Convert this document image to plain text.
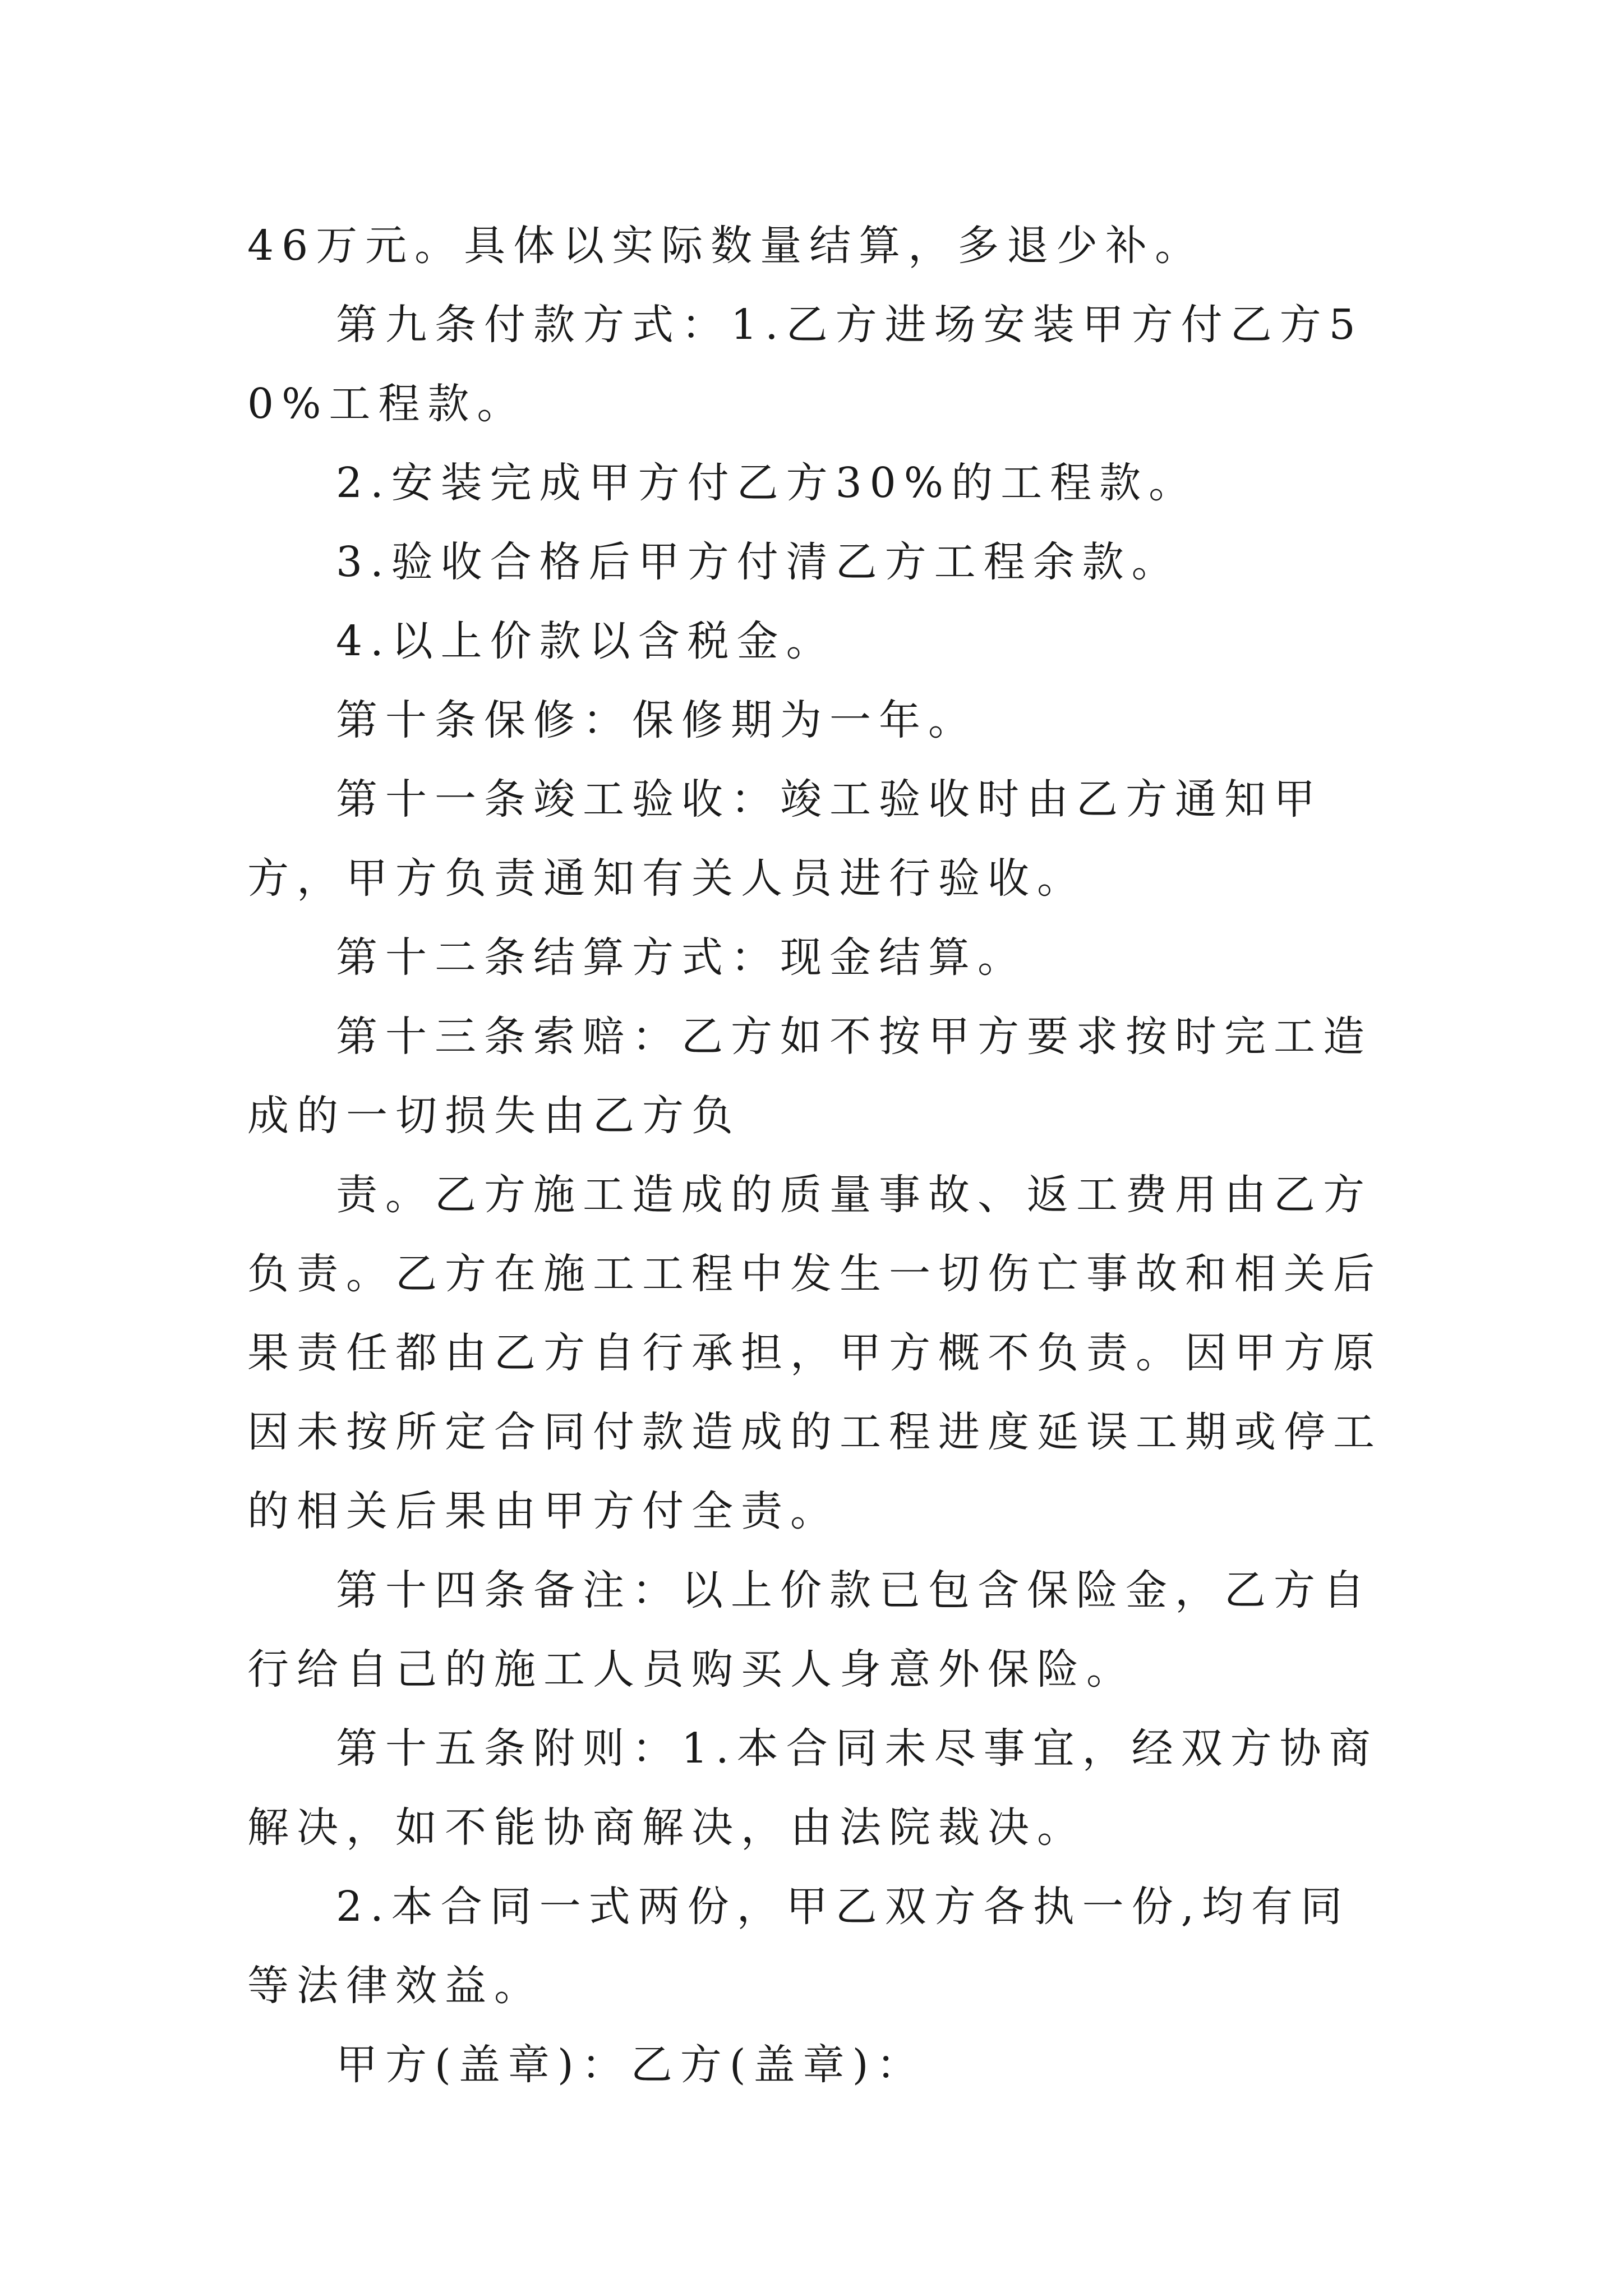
46万元。具体以实际数量结算，多退少补。

第九条付款方式：1.乙方进场安装甲方付乙方50%工程款。

2.安装完成甲方付乙方30%的工程款。

3.验收合格后甲方付清乙方工程余款。

4.以上价款以含税金。

第十条保修：保修期为一年。

第十一条竣工验收：竣工验收时由乙方通知甲方，甲方负责通知有关人员进行验收。

第十二条结算方式：现金结算。

第十三条索赔：乙方如不按甲方要求按时完工造成的一切损失由乙方负

责。乙方施工造成的质量事故、返工费用由乙方负责。乙方在施工工程中发生一切伤亡事故和相关后果责任都由乙方自行承担，甲方概不负责。因甲方原因未按所定合同付款造成的工程进度延误工期或停工的相关后果由甲方付全责。

第十四条备注：以上价款已包含保险金，乙方自行给自己的施工人员购买人身意外保险。

第十五条附则：1.本合同未尽事宜，经双方协商解决，如不能协商解决，由法院裁决。

2.本合同一式两份，甲乙双方各执一份,均有同等法律效益。

甲方(盖章)：乙方(盖章)：
